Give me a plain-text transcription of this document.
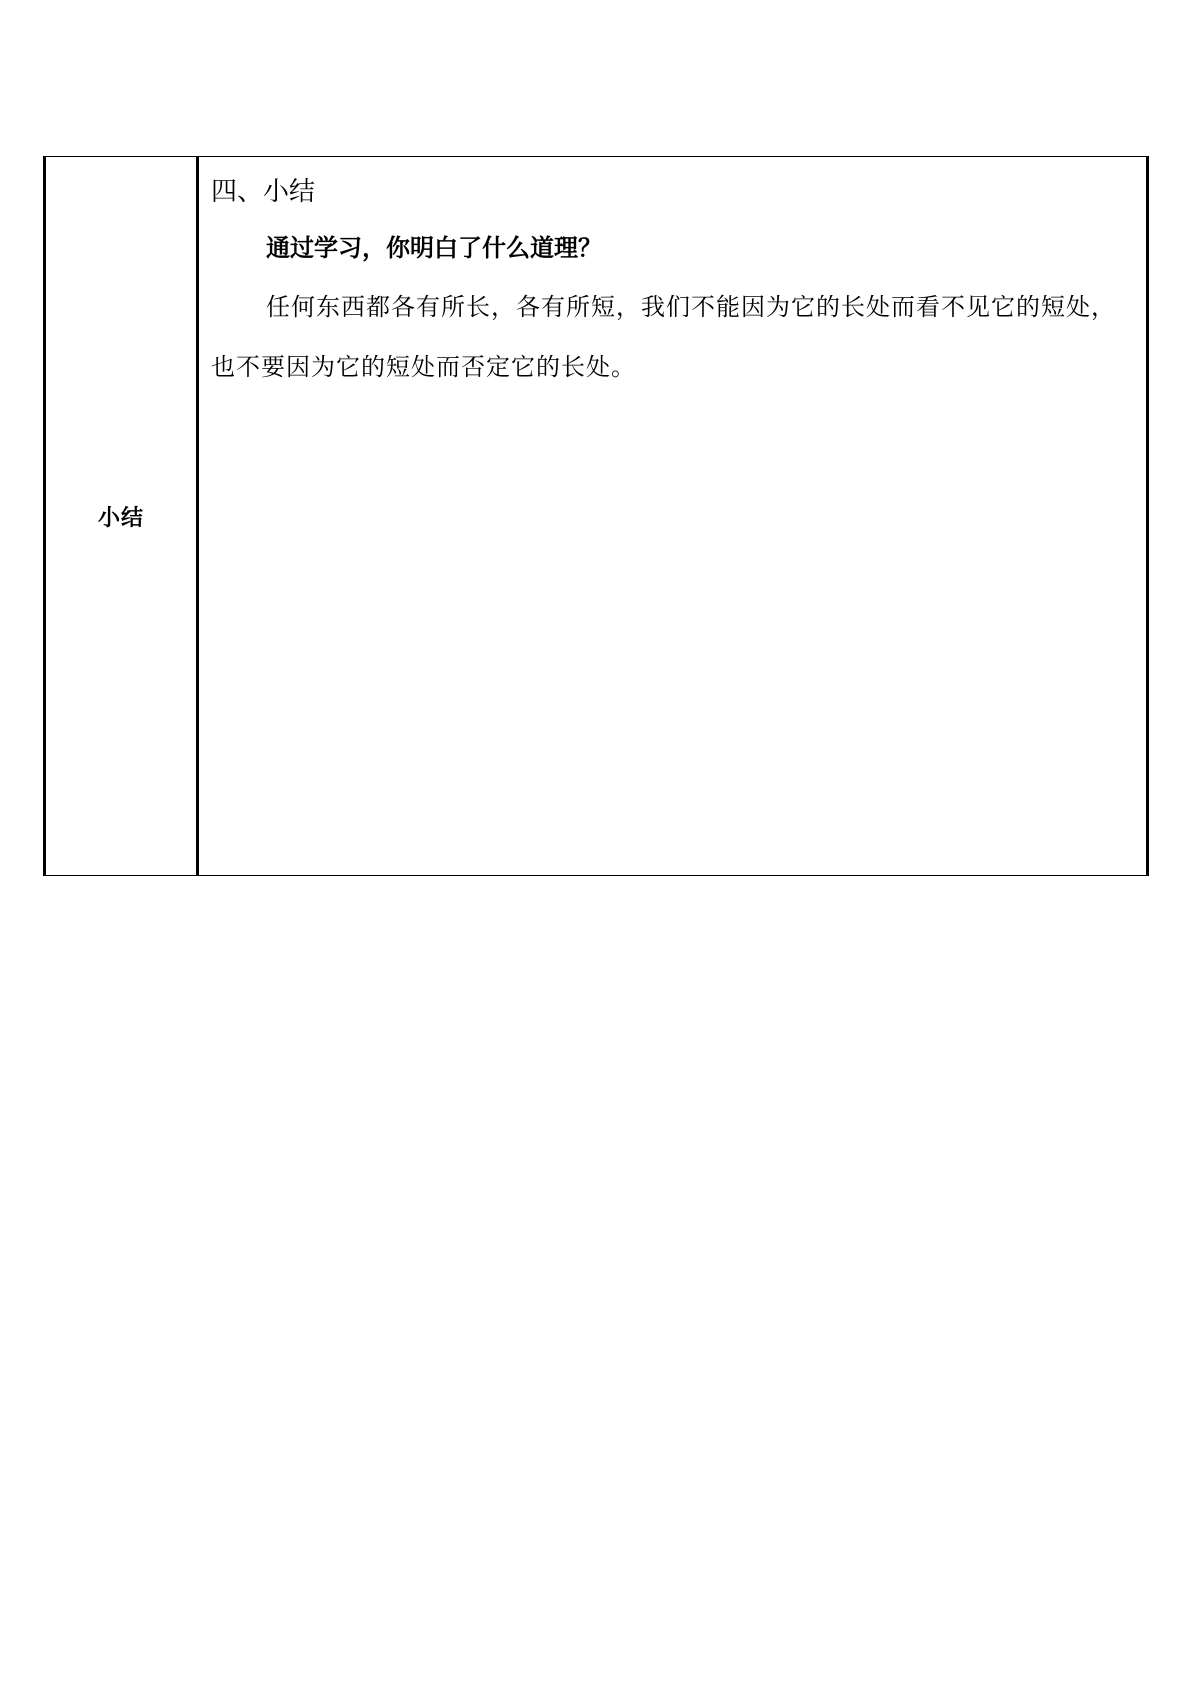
小结

四、小结

通过学习，你明白了什么道理？

任何东西都各有所长，各有所短，我们不能因为它的长处而看不见它的短处，也不要因为它的短处而否定它的长处。
